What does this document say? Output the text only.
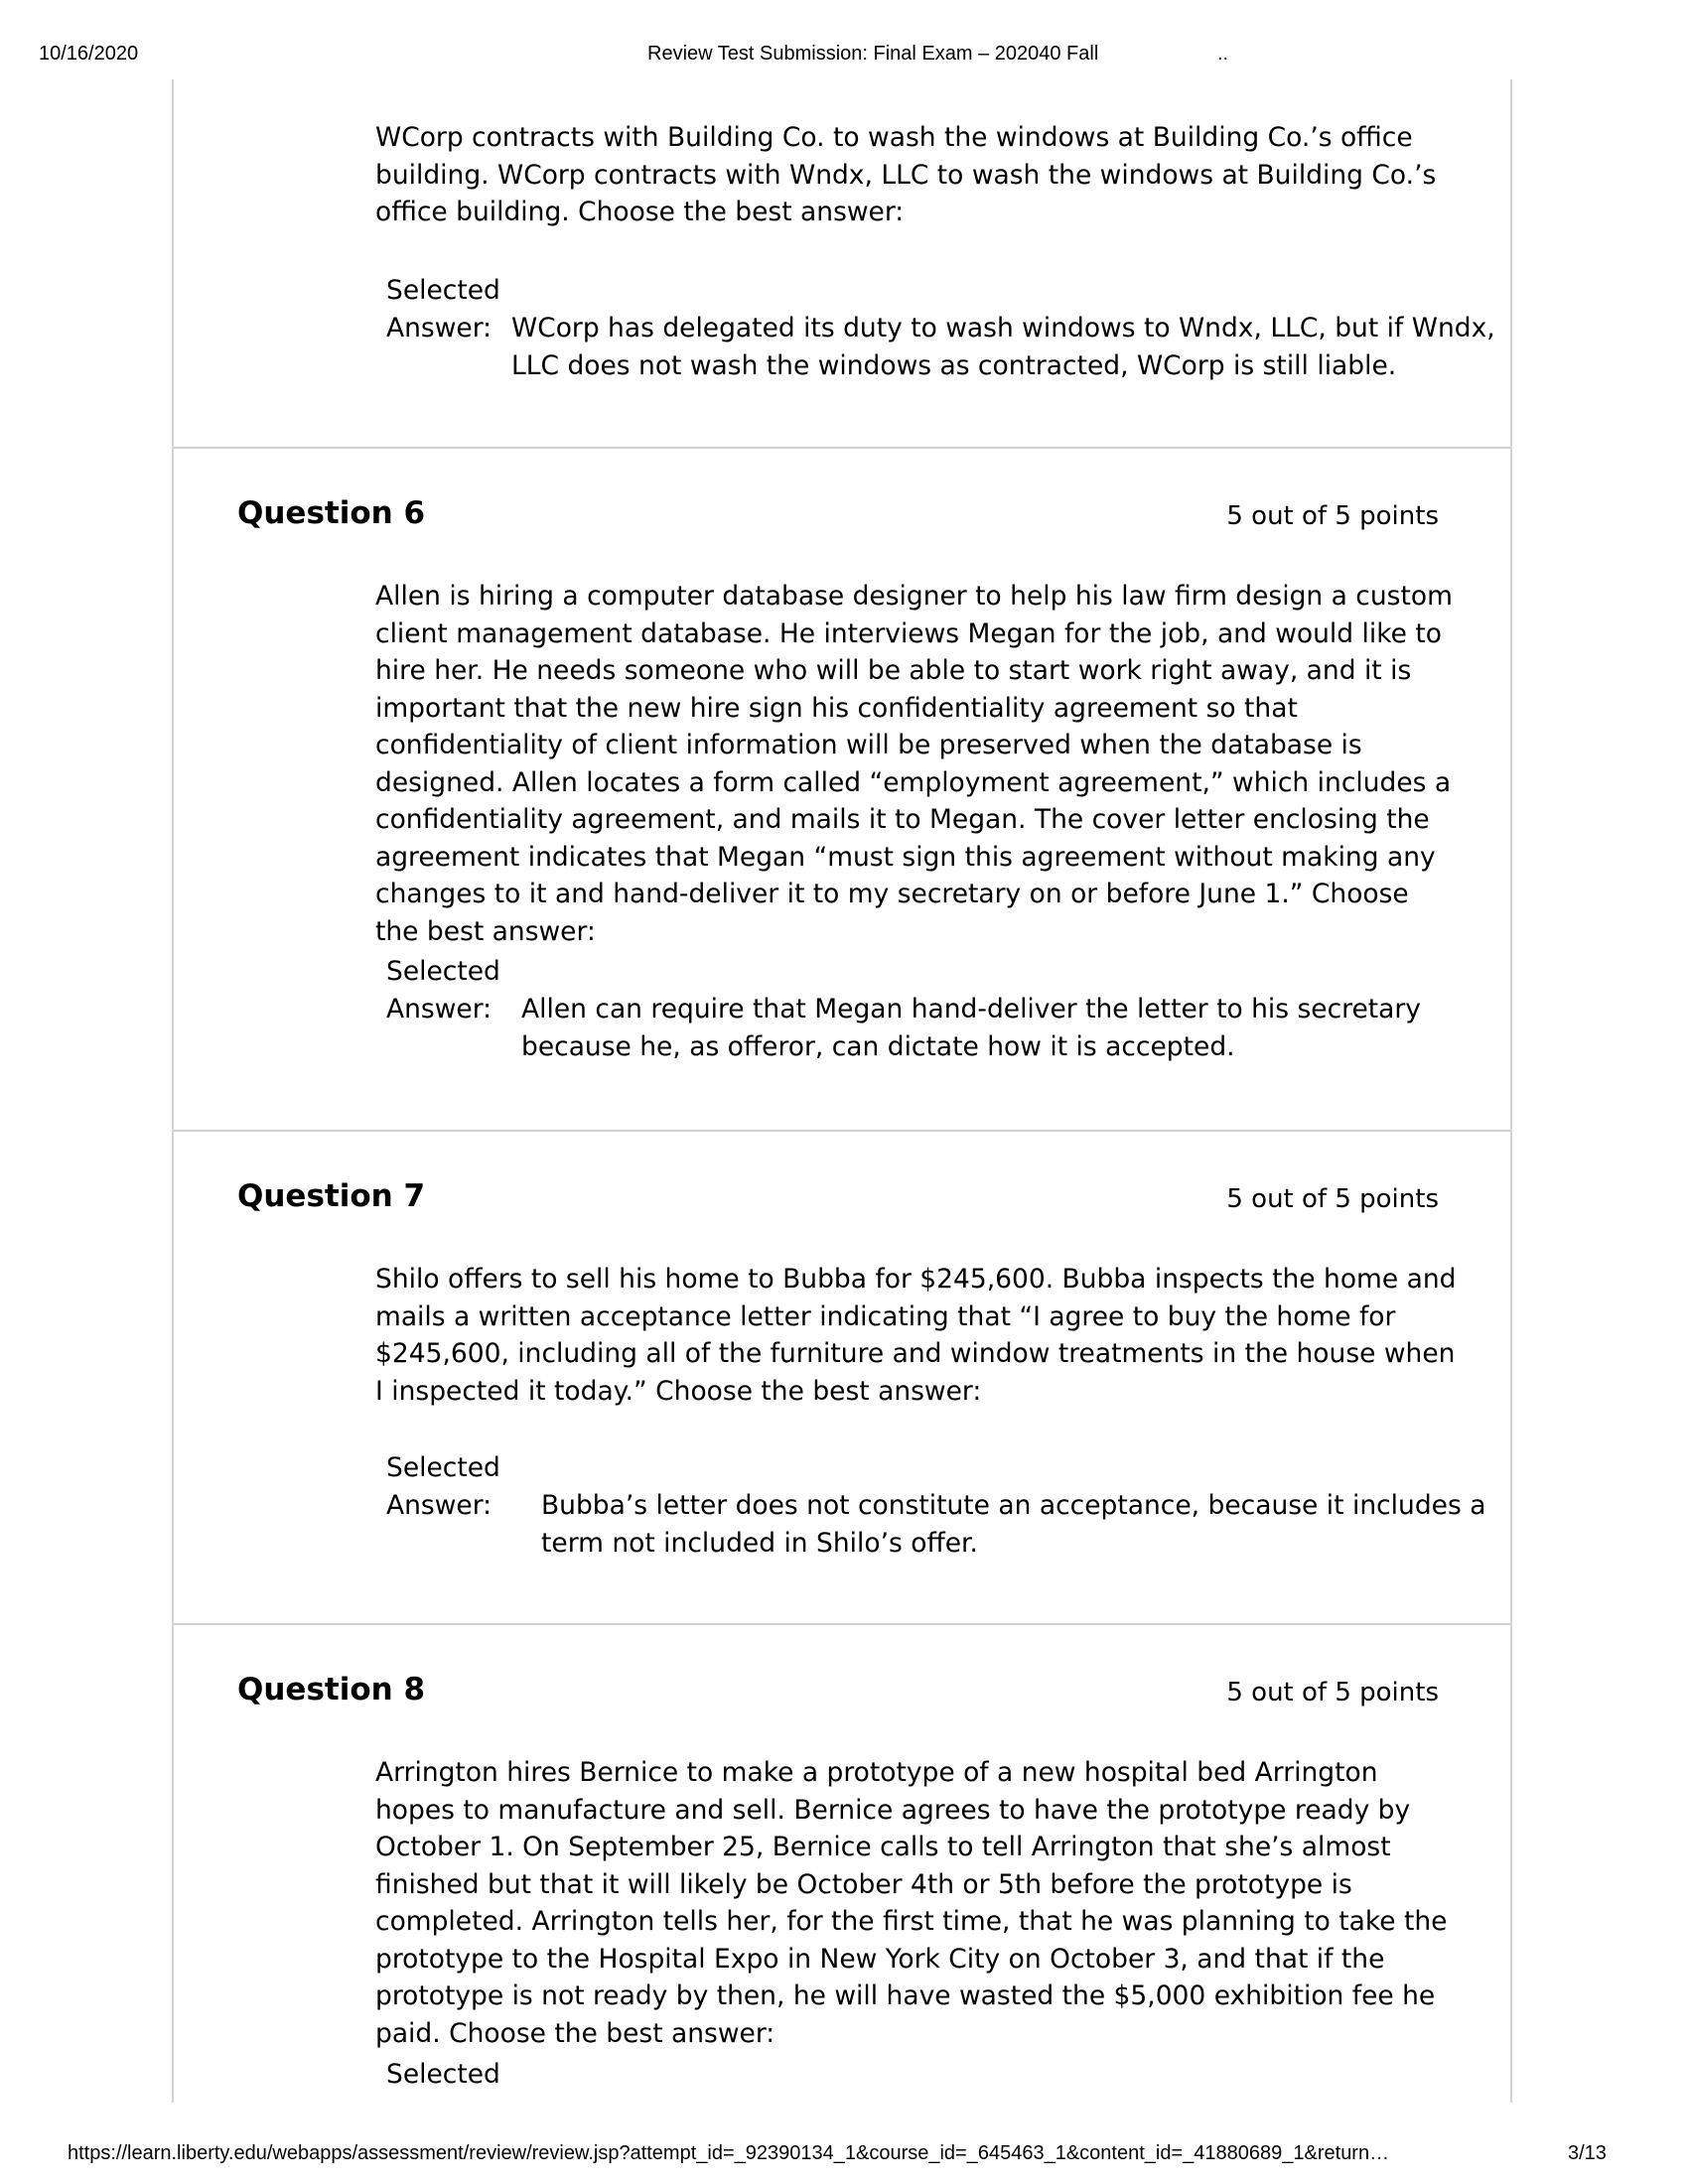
10/16/2020	Review Test Submission: Final Exam – 202040 Fall	..
WCorp contracts with Building Co. to wash the windows at Building Co.’s office building. WCorp contracts with Wndx, LLC to wash the windows at Building Co.’s office building. Choose the best answer:
Selected
Answer: WCorp has delegated its duty to wash windows to Wndx, LLC, but if Wndx, LLC does not wash the windows as contracted, WCorp is still liable.
Question 6	5 out of 5 points
Allen is hiring a computer database designer to help his law firm design a custom client management database. He interviews Megan for the job, and would like to hire her. He needs someone who will be able to start work right away, and it is important that the new hire sign his confidentiality agreement so that confidentiality of client information will be preserved when the database is designed. Allen locates a form called “employment agreement,” which includes a confidentiality agreement, and mails it to Megan. The cover letter enclosing the agreement indicates that Megan “must sign this agreement without making any changes to it and hand-deliver it to my secretary on or before June 1.” Choose the best answer:
Selected
Answer:	Allen can require that Megan hand-deliver the letter to his secretary because he, as offeror, can dictate how it is accepted.
Question 7	5 out of 5 points
Shilo offers to sell his home to Bubba for $245,600. Bubba inspects the home and mails a written acceptance letter indicating that “I agree to buy the home for $245,600, including all of the furniture and window treatments in the house when I inspected it today.” Choose the best answer:
Selected
Answer:	Bubba’s letter does not constitute an acceptance, because it includes a term not included in Shilo’s offer.
Question 8	5 out of 5 points
Arrington hires Bernice to make a prototype of a new hospital bed Arrington hopes to manufacture and sell. Bernice agrees to have the prototype ready by October 1. On September 25, Bernice calls to tell Arrington that she’s almost finished but that it will likely be October 4th or 5th before the prototype is completed. Arrington tells her, for the first time, that he was planning to take the prototype to the Hospital Expo in New York City on October 3, and that if the prototype is not ready by then, he will have wasted the $5,000 exhibition fee he paid. Choose the best answer:
Selected
https://learn.liberty.edu/webapps/assessment/review/review.jsp?attempt_id=_92390134_1&course_id=_645463_1&content_id=_41880689_1&return…	3/13
